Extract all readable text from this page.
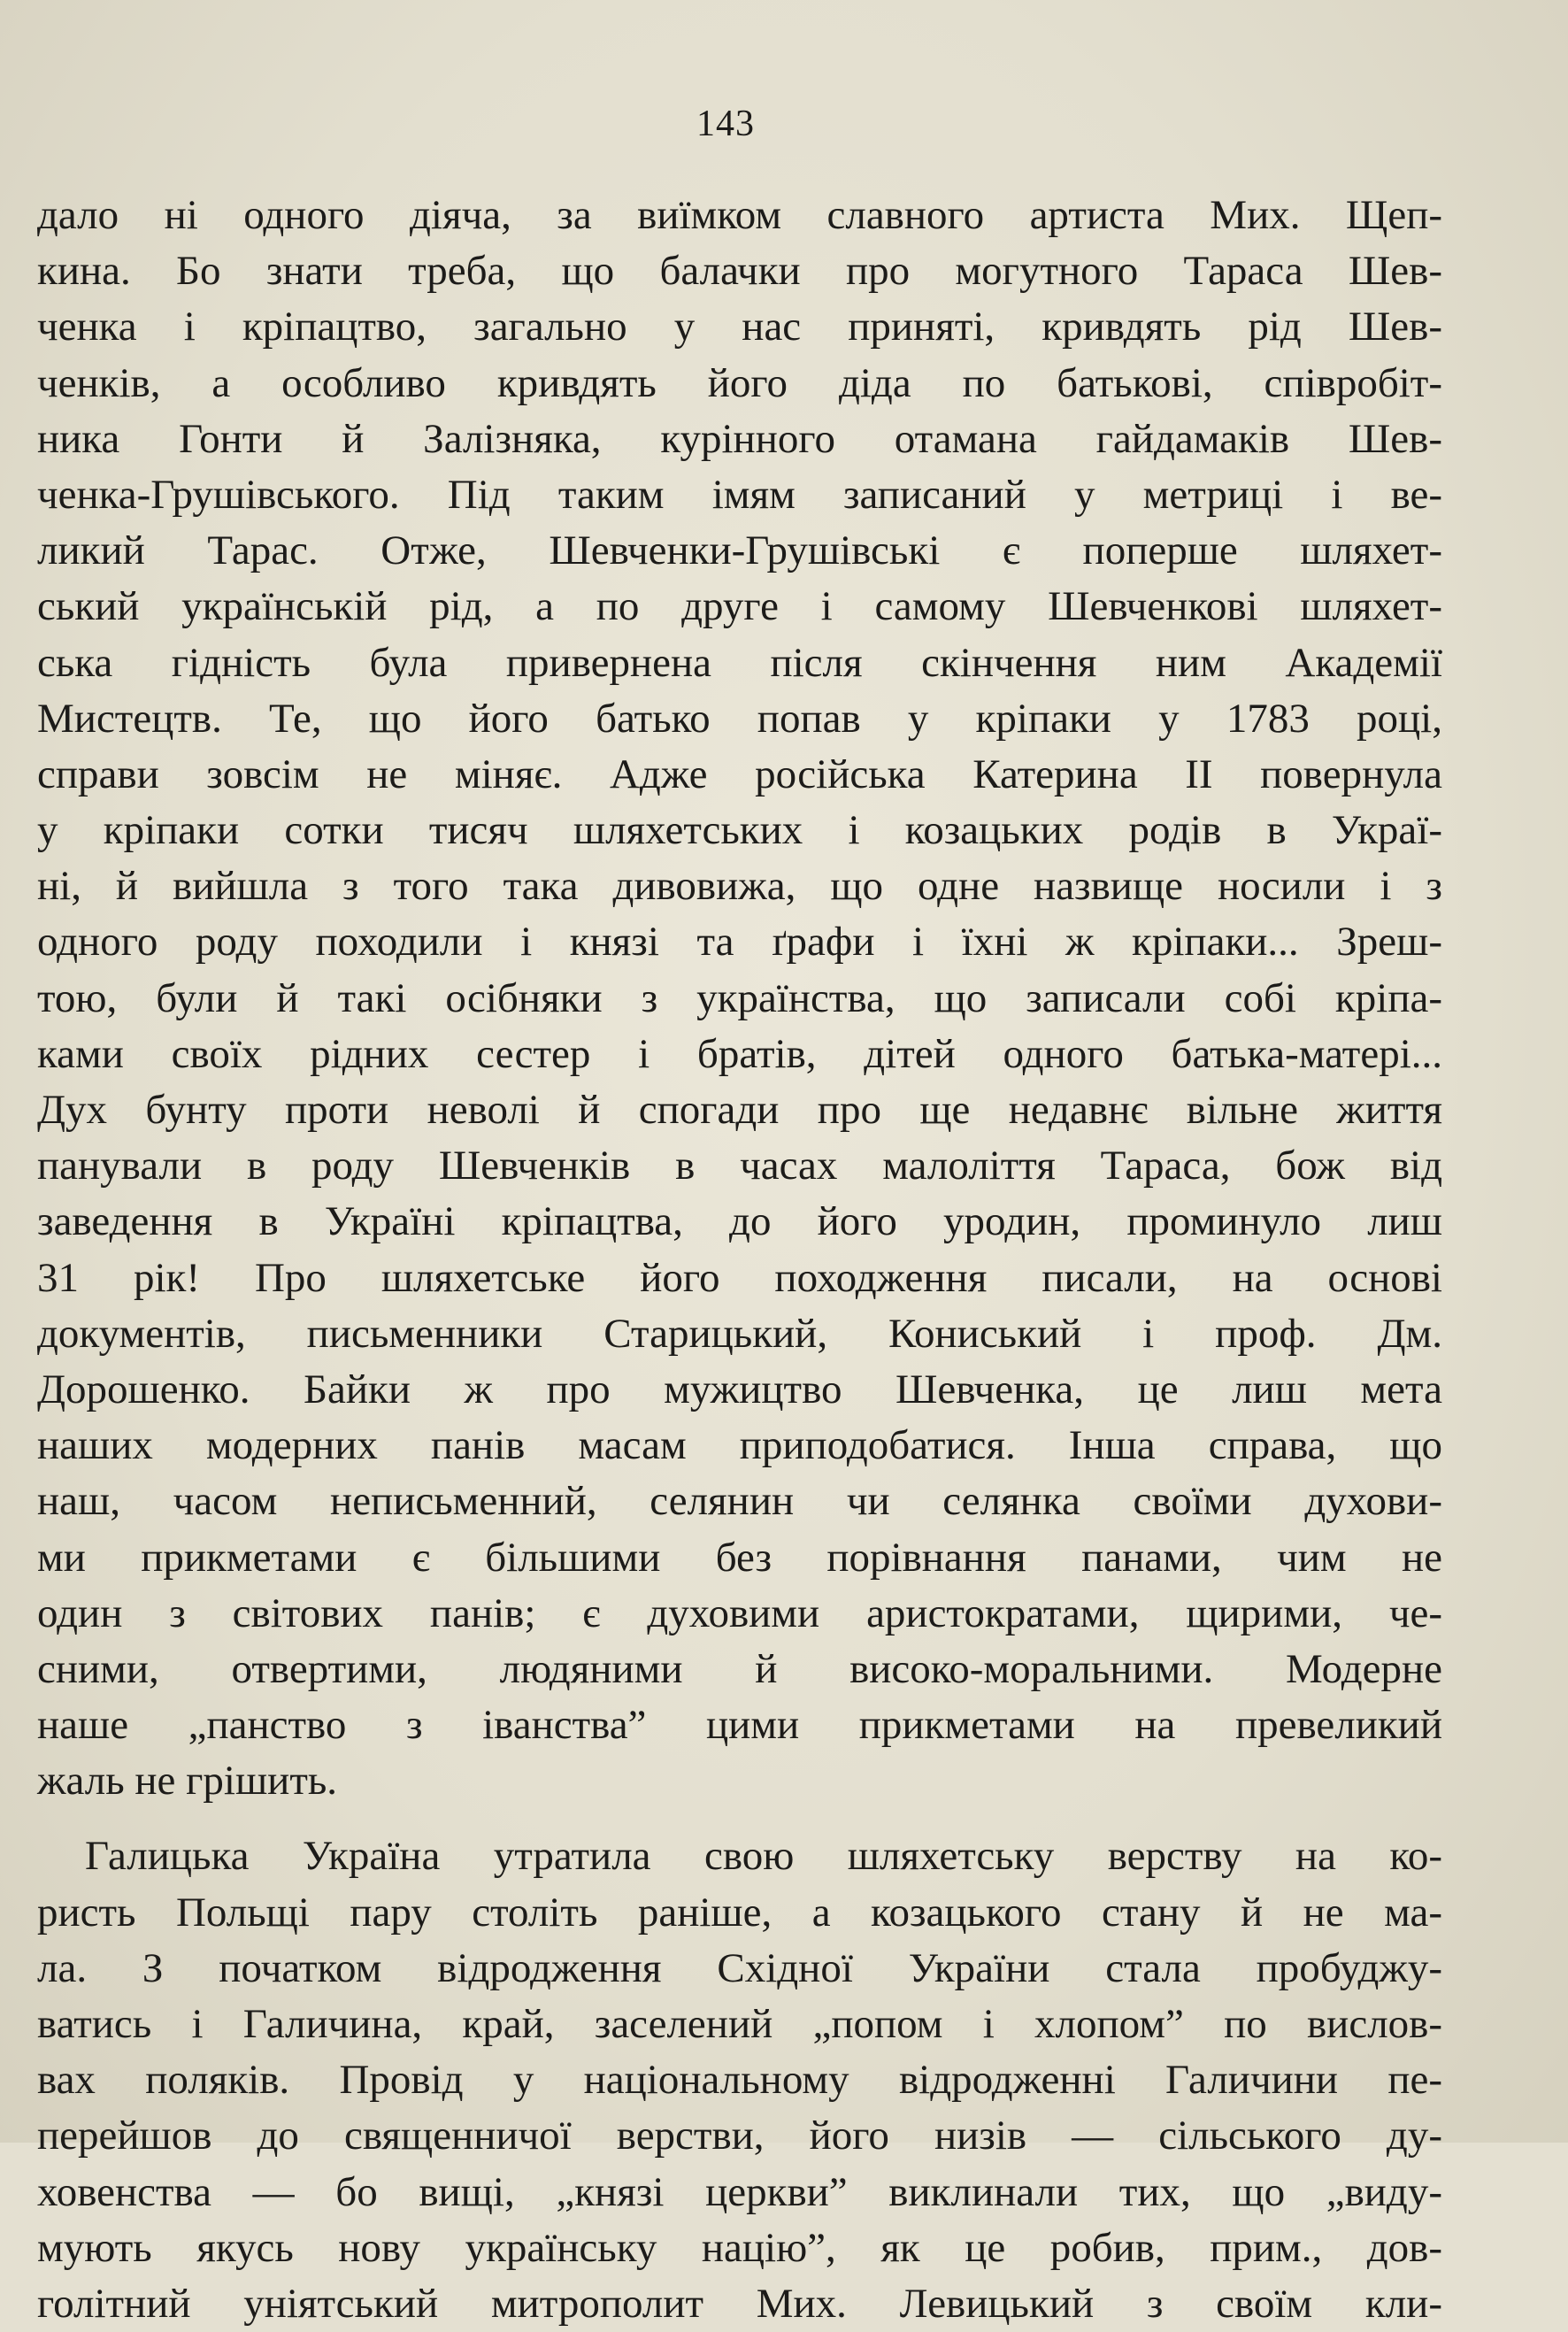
143
дало ні одного діяча, за виїмком славного артиста Мих. Щеп-
кина. Бо знати треба, що балачки про могутного Тараса Шев-
ченка і кріпацтво, загально у нас приняті, кривдять рід Шев-
ченків, а особливо кривдять його діда по батькові, співробіт-
ника Гонти й Залізняка, курінного отамана гайдамаків Шев-
ченка-Грушівського. Під таким імям записаний у метриці і ве-
ликий Тарас. Отже, Шевченки-Грушівські є поперше шляхет-
ський українській рід, а по друге і самому Шевченкові шляхет-
ська гідність була привернена після скінчення ним Академії
Мистецтв. Те, що його батько попав у кріпаки у 1783 році,
справи зовсім не міняє. Адже російська Катерина II повернула
у кріпаки сотки тисяч шляхетських і козацьких родів в Украї-
ні, й вийшла з того така дивовижа, що одне назвище носили і з
одного роду походили і князі та ґрафи і їхні ж кріпаки... Зреш-
тою, були й такі осібняки з українства, що записали собі кріпа-
ками своїх рідних сестер і братів, дітей одного батька-матері...
Дух бунту проти неволі й спогади про ще недавнє вільне життя
панували в роду Шевченків в часах малоліття Тараса, бож від
заведення в Україні кріпацтва, до його уродин, проминуло лиш
31 рік! Про шляхетське його походження писали, на основі
документів, письменники Старицький, Кониський і проф. Дм.
Дорошенко. Байки ж про мужицтво Шевченка, це лиш мета
наших модерних панів масам приподобатися. Інша справа, що
наш, часом неписьменний, селянин чи селянка своїми духови-
ми прикметами є більшими без порівнання панами, чим не
один з світових панів; є духовими аристократами, щирими, че-
сними, отвертими, людяними й високо-моральними. Модерне
наше „панство з іванства” цими прикметами на превеликий
жаль не грішить.
Галицька Україна утратила свою шляхетську верству на ко-
ристь Польщі пару століть раніше, а козацького стану й не ма-
ла. З початком відродження Східної України стала пробуджу-
ватись і Галичина, край, заселений „попом і хлопом” по вислов-
вах поляків. Провід у національному відродженні Галичини пе-
перейшов до священничої верстви, його низів — сільського ду-
ховенства — бо вищі, „князі церкви” виклинали тих, що „виду-
мують якусь нову українську націю”, як це робив, прим., дов-
голітний уніятський митрополит Мих. Левицький з своїм кли-
